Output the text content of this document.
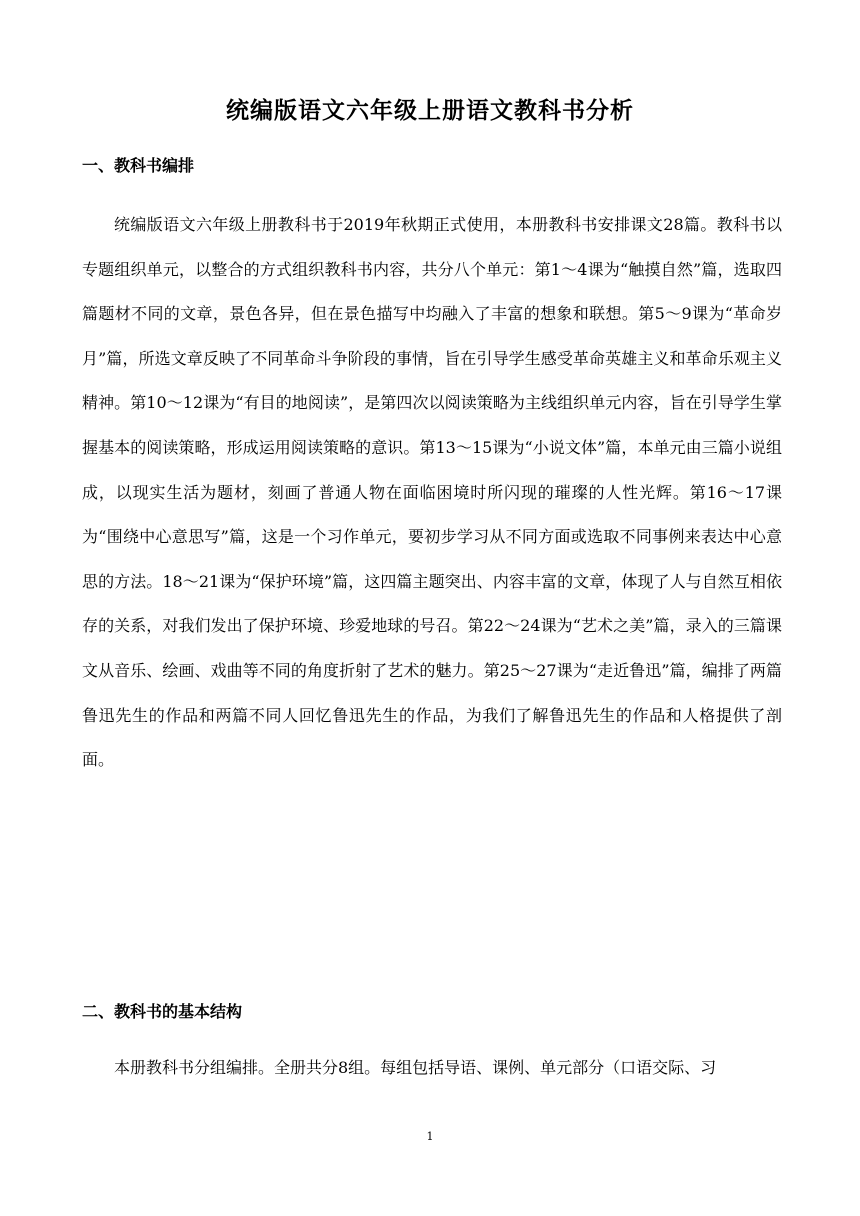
统编版语文六年级上册语文教科书分析
一、教科书编排

统编版语文六年级上册教科书于2019年秋期正式使用，本册教科书安排课文28篇。教科书以专题组织单元，以整合的方式组织教科书内容，共分八个单元：第1～4课为“触摸自然”篇，选取四篇题材不同的文章，景色各异，但在景色描写中均融入了丰富的想象和联想。第5～9课为“革命岁月”篇，所选文章反映了不同革命斗争阶段的事情，旨在引导学生感受革命英雄主义和革命乐观主义精神。第10～12课为“有目的地阅读”，是第四次以阅读策略为主线组织单元内容，旨在引导学生掌握基本的阅读策略，形成运用阅读策略的意识。第13～15课为“小说文体”篇，本单元由三篇小说组成，以现实生活为题材，刻画了普通人物在面临困境时所闪现的璀璨的人性光辉。第16～17课为“围绕中心意思写”篇，这是一个习作单元，要初步学习从不同方面或选取不同事例来表达中心意思的方法。18～21课为“保护环境”篇，这四篇主题突出、内容丰富的文章，体现了人与自然互相依存的关系，对我们发出了保护环境、珍爱地球的号召。第22～24课为“艺术之美”篇，录入的三篇课文从音乐、绘画、戏曲等不同的角度折射了艺术的魅力。第25～27课为“走近鲁迅”篇，编排了两篇鲁迅先生的作品和两篇不同人回忆鲁迅先生的作品，为我们了解鲁迅先生的作品和人格提供了剖面。

二、教科书的基本结构

本册教科书分组编排。全册共分8组。每组包括导语、课例、单元部分（口语交际、习

1
